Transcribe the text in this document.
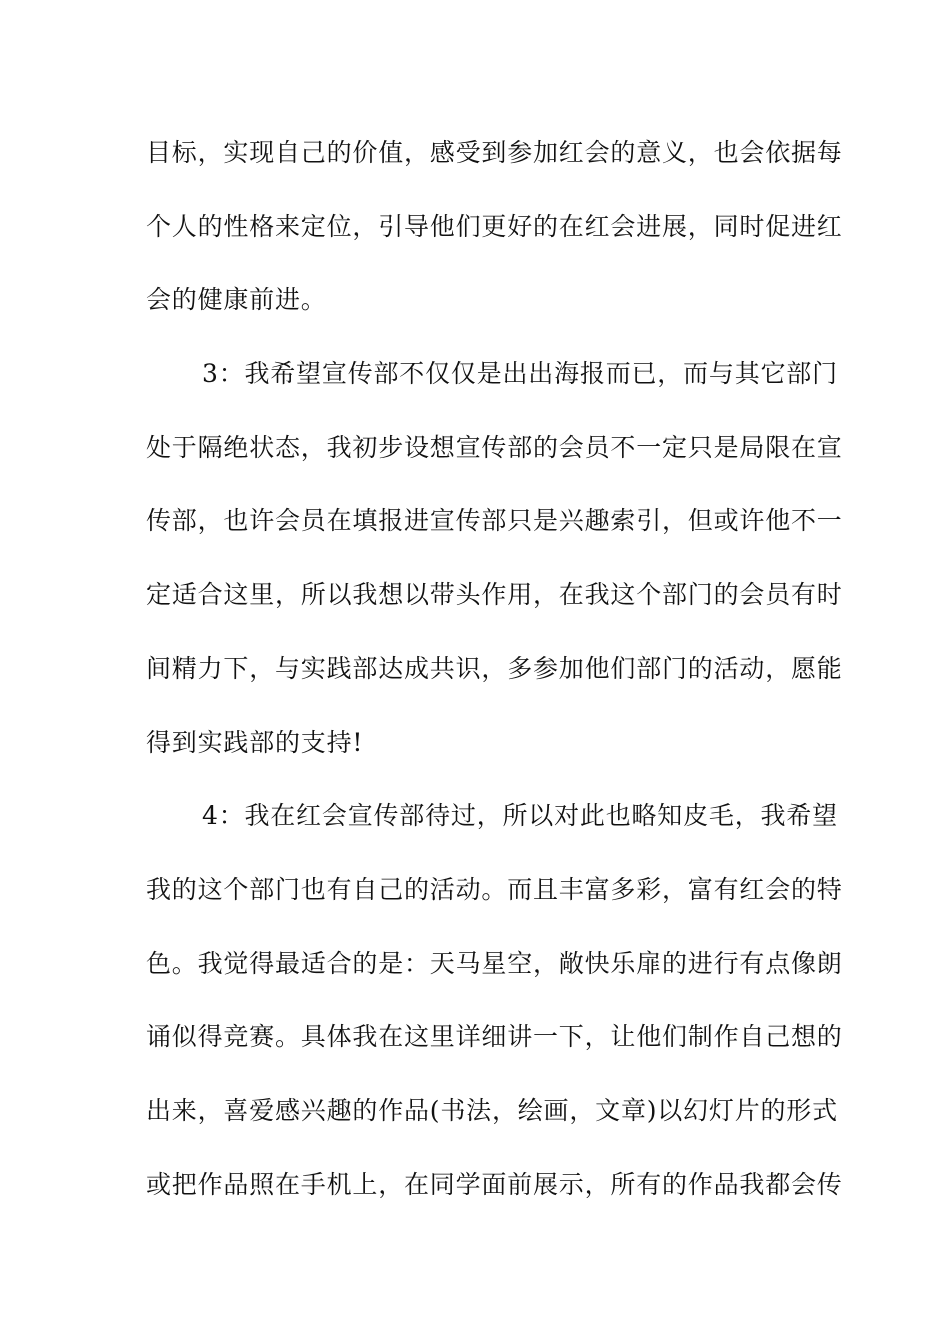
目标，实现自己的价值，感受到参加红会的意义，也会依据每
个人的性格来定位，引导他们更好的在红会进展，同时促进红
会的健康前进。
3：我希望宣传部不仅仅是出出海报而已，而与其它部门
处于隔绝状态，我初步设想宣传部的会员不一定只是局限在宣
传部，也许会员在填报进宣传部只是兴趣索引，但或许他不一
定适合这里，所以我想以带头作用，在我这个部门的会员有时
间精力下，与实践部达成共识，多参加他们部门的活动，愿能
得到实践部的支持!
4：我在红会宣传部待过，所以对此也略知皮毛，我希望
我的这个部门也有自己的活动。而且丰富多彩，富有红会的特
色。我觉得最适合的是：天马星空，敞快乐扉的进行有点像朗
诵似得竞赛。具体我在这里详细讲一下，让他们制作自己想的
出来，喜爱感兴趣的作品(书法，绘画，文章)以幻灯片的形式
或把作品照在手机上，在同学面前展示，所有的作品我都会传
